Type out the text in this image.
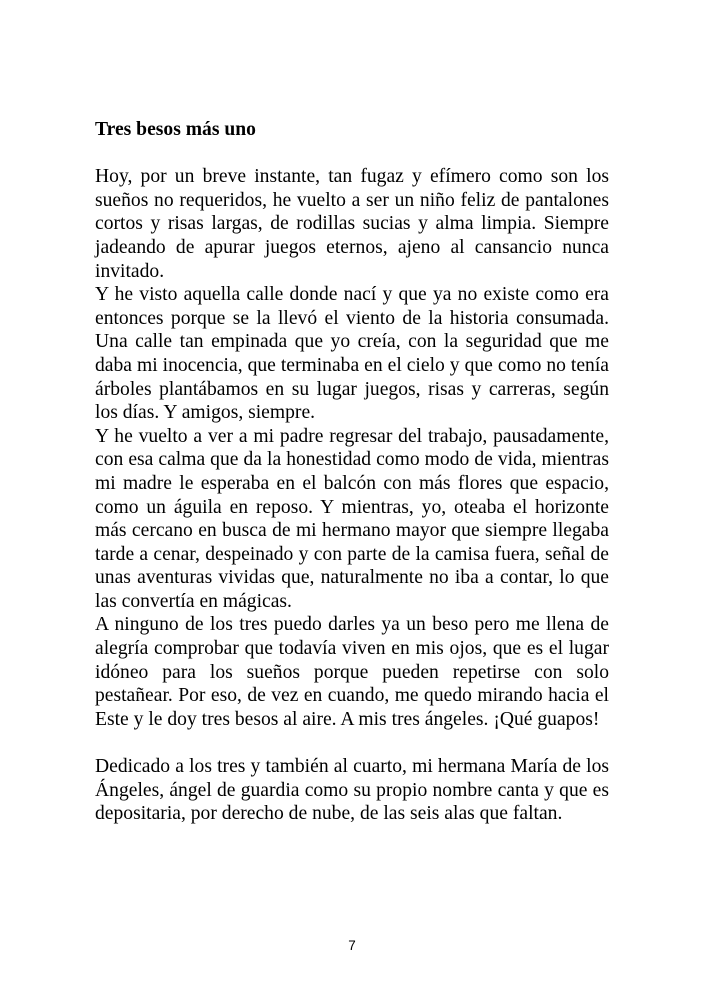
Tres besos más uno

Hoy, por un breve instante, tan fugaz y efímero como son los sueños no requeridos, he vuelto a ser un niño feliz de pantalones cortos y risas largas, de rodillas sucias y alma limpia. Siempre jadeando de apurar juegos eternos, ajeno al cansancio nunca invitado.

Y he visto aquella calle donde nací y que ya no existe como era entonces porque se la llevó el viento de la historia consumada. Una calle tan empinada que yo creía, con la seguridad que me daba mi inocencia, que terminaba en el cielo y que como no tenía árboles plantábamos en su lugar juegos, risas y carreras, según los días. Y amigos, siempre.

Y he vuelto a ver a mi padre regresar del trabajo, pausadamente, con esa calma que da la honestidad como modo de vida, mientras mi madre le esperaba en el balcón con más flores que espacio, como un águila en reposo. Y mientras, yo, oteaba el horizonte más cercano en busca de mi hermano mayor que siempre llegaba tarde a cenar, despeinado y con parte de la camisa fuera, señal de unas aventuras vividas que, naturalmente no iba a contar, lo que las convertía en mágicas.

A ninguno de los tres puedo darles ya un beso pero me llena de alegría comprobar que todavía viven en mis ojos, que es el lugar idóneo para los sueños porque pueden repetirse con solo pestañear. Por eso, de vez en cuando, me quedo mirando hacia el Este y le doy tres besos al aire. A mis tres ángeles. ¡Qué guapos!

Dedicado a los tres y también al cuarto, mi hermana María de los Ángeles, ángel de guardia como su propio nombre canta y que es depositaria, por derecho de nube, de las seis alas que faltan.

7
